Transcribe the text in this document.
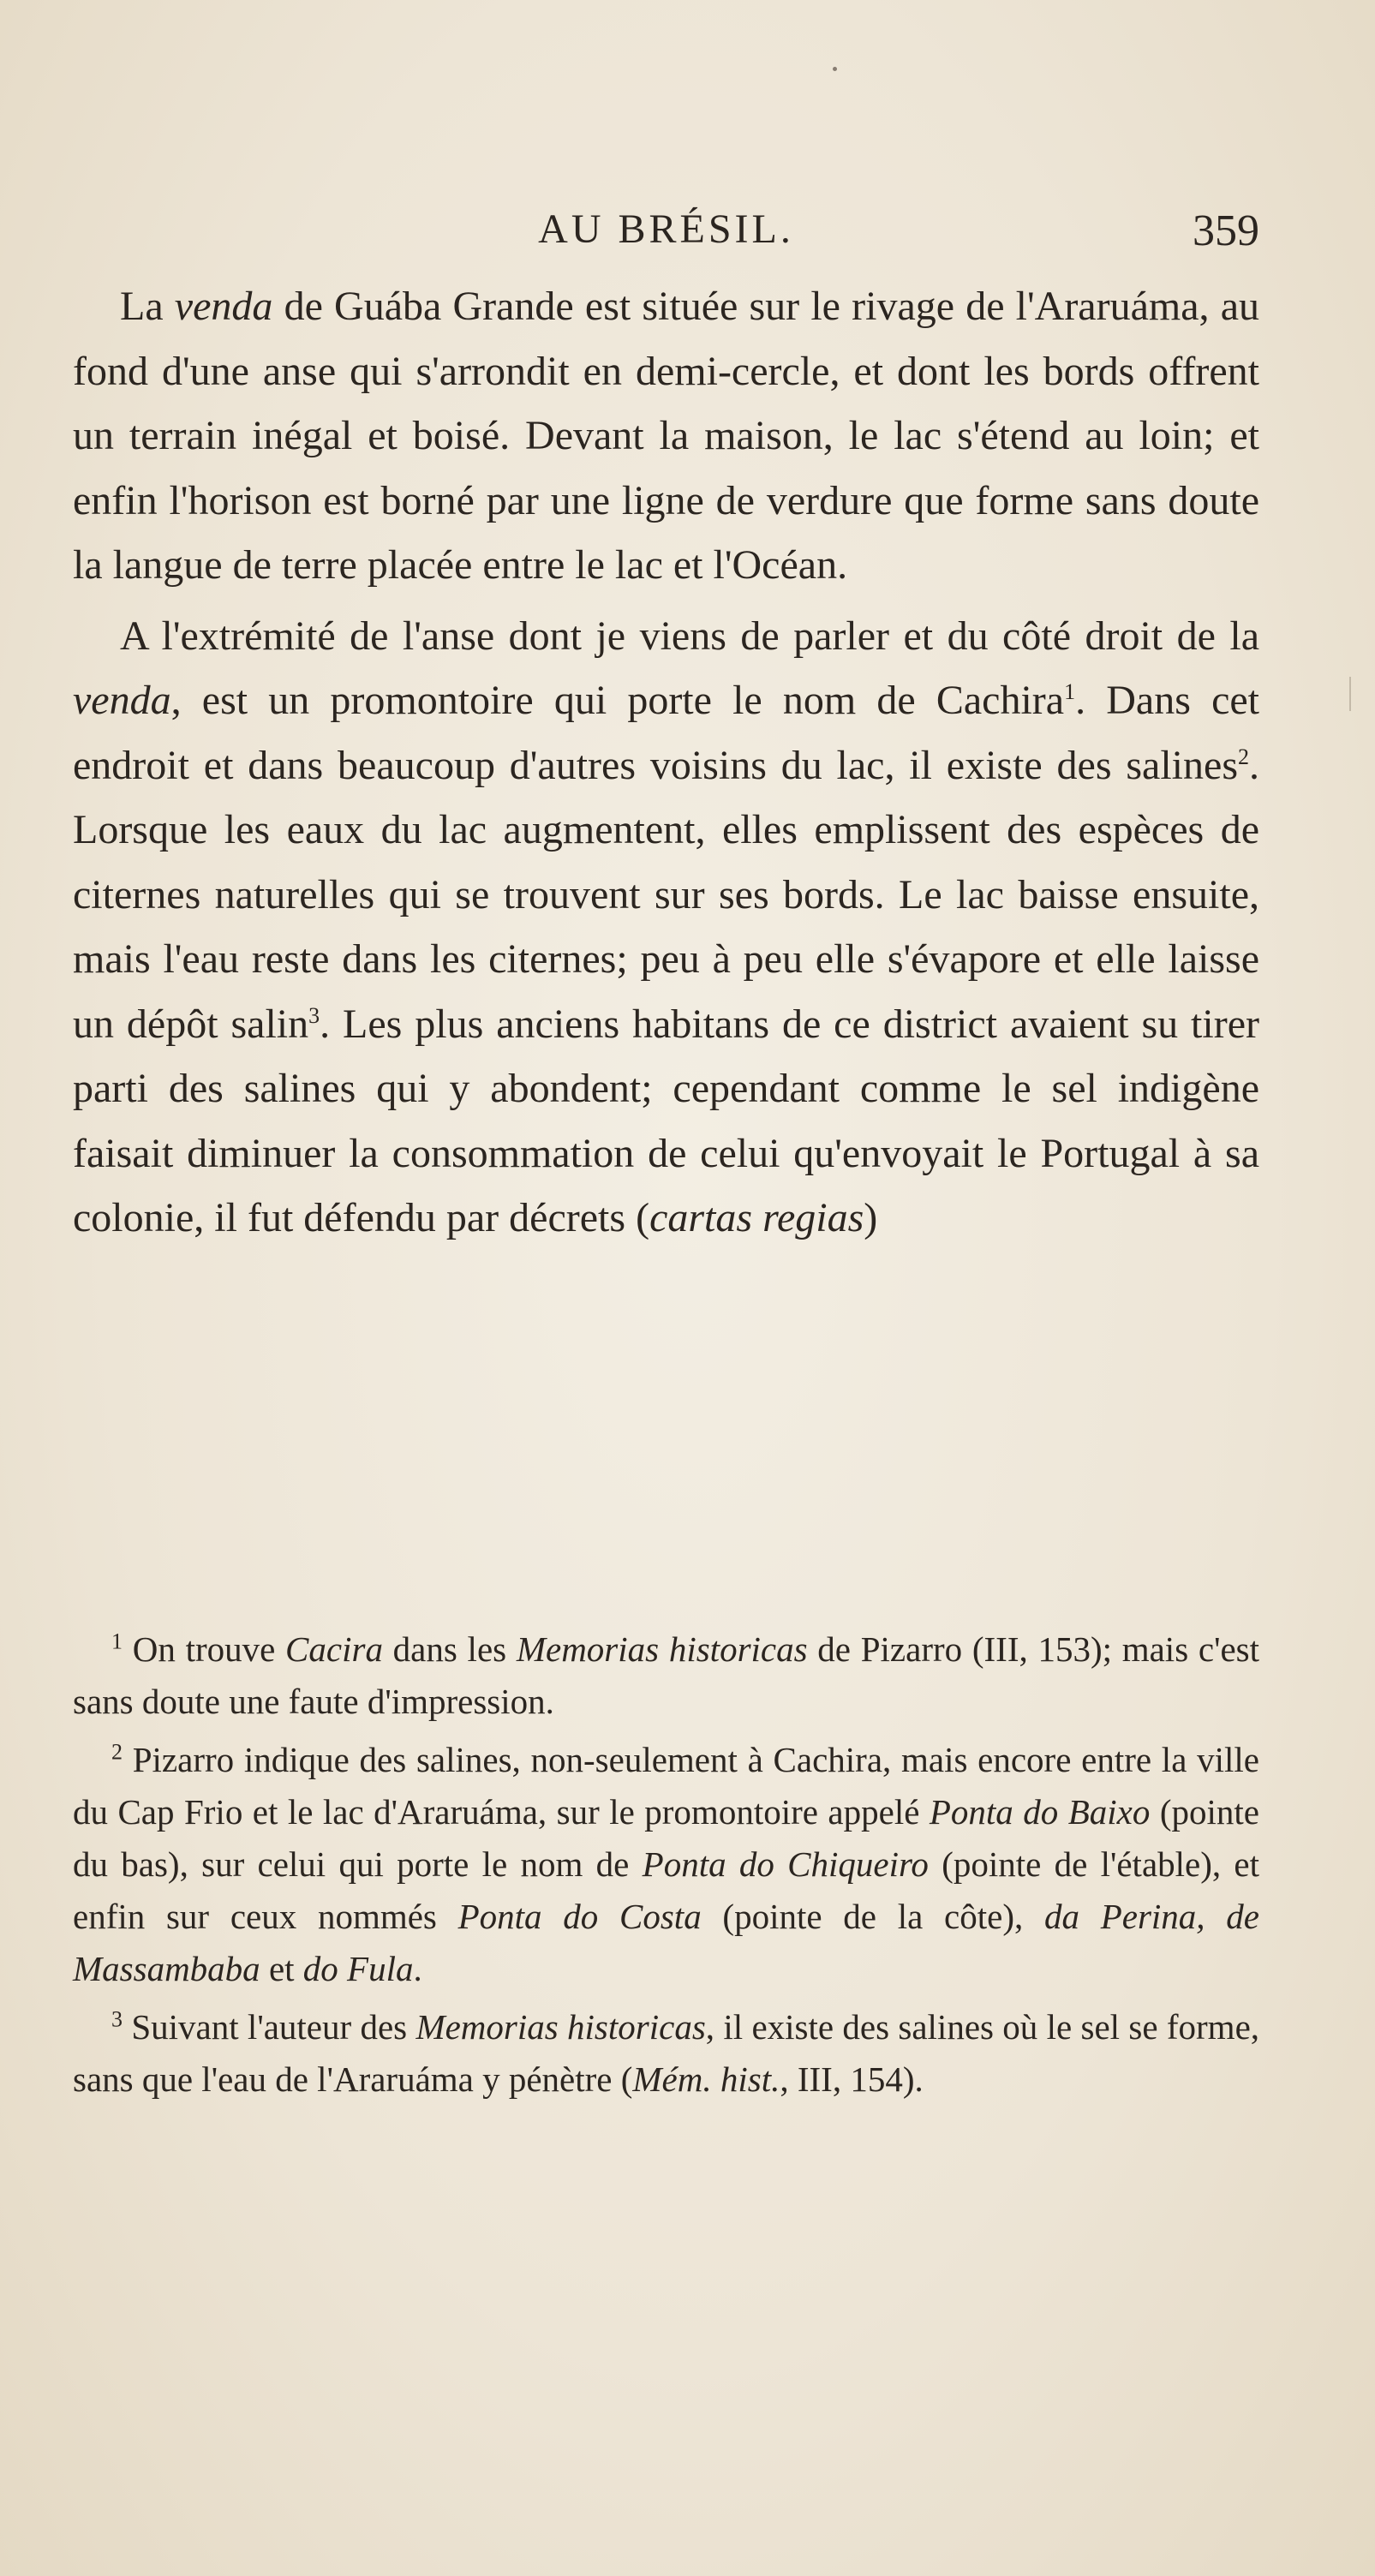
AU BRÉSIL.	359

La venda de Guába Grande est située sur le rivage de l'Araruáma, au fond d'une anse qui s'arrondit en demi-cercle, et dont les bords offrent un terrain inégal et boisé. Devant la maison, le lac s'étend au loin; et enfin l'horison est borné par une ligne de verdure que forme sans doute la langue de terre placée entre le lac et l'Océan.

A l'extrémité de l'anse dont je viens de parler et du côté droit de la venda, est un promontoire qui porte le nom de Cachira$^1$. Dans cet endroit et dans beaucoup d'autres voisins du lac, il existe des salines$^2$. Lorsque les eaux du lac augmentent, elles emplissent des espèces de citernes naturelles qui se trouvent sur ses bords. Le lac baisse ensuite, mais l'eau reste dans les citernes; peu à peu elle s'évapore et elle laisse un dépôt salin$^3$. Les plus anciens habitans de ce district avaient su tirer parti des salines qui y abondent; cependant comme le sel indigène faisait diminuer la consommation de celui qu'envoyait le Portugal à sa colonie, il fut défendu par décrets (cartas regias)

$^1$ On trouve Cacira dans les Memorias historicas de Pizarro (III, 153); mais c'est sans doute une faute d'impression.

$^2$ Pizarro indique des salines, non-seulement à Cachira, mais encore entre la ville du Cap Frio et le lac d'Araruáma, sur le promontoire appelé Ponta do Baixo (pointe du bas), sur celui qui porte le nom de Ponta do Chiqueiro (pointe de l'étable), et enfin sur ceux nommés Ponta do Costa (pointe de la côte), da Perina, de Massambaba et do Fula.

$^3$ Suivant l'auteur des Memorias historicas, il existe des salines où le sel se forme, sans que l'eau de l'Araruáma y pénètre (Mém. hist., III, 154).
